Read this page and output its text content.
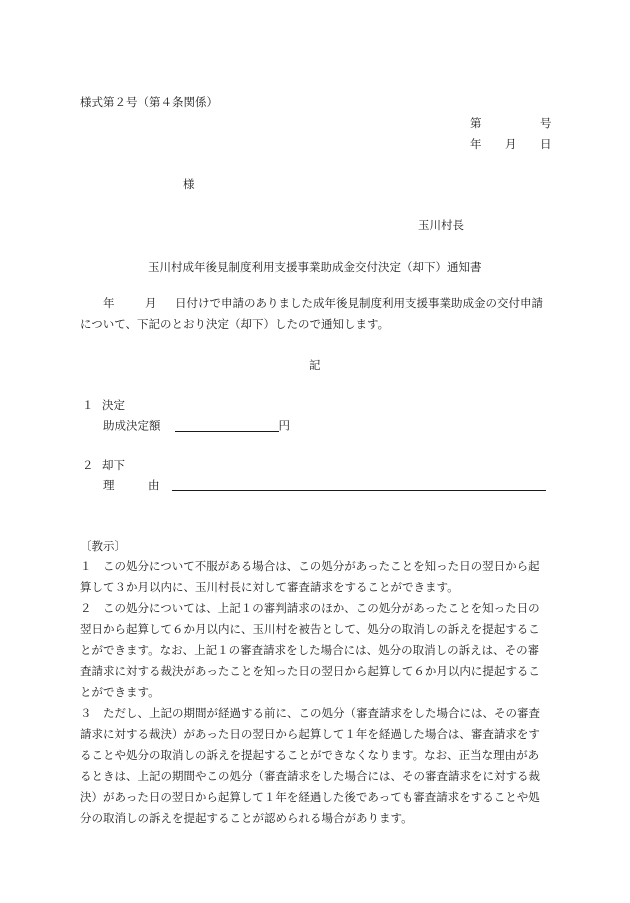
様式第２号（第４条関係）
第	号
年 月 日
様
玉川村長
玉川村成年後見制度利用支援事業助成金交付決定（却下）通知書
年	月 日付けで申請のありました成年後見制度利用支援事業助成金の交付申請
について、下記のとおり決定（却下）したので通知します。
記
１ 決定
助成決定額	円
２ 却下
理	由
〔教示〕
１　この処分について不服がある場合は、この処分があったことを知った日の翌日から起
算して３か月以内に、玉川村長に対して審査請求をすることができます。
２　この処分については、上記１の審判請求のほか、この処分があったことを知った日の
翌日から起算して６か月以内に、玉川村を被告として、処分の取消しの訴えを提起するこ
とができます。なお、上記１の審査請求をした場合には、処分の取消しの訴えは、その審
査請求に対する裁決があったことを知った日の翌日から起算して６か月以内に提起するこ
とができます。
３　ただし、上記の期間が経過する前に、この処分（審査請求をした場合には、その審査
請求に対する裁決）があった日の翌日から起算して１年を経過した場合は、審査請求をす
ることや処分の取消しの訴えを提起することができなくなります。なお、正当な理由があ
るときは、上記の期間やこの処分（審査請求をした場合には、その審査請求をに対する裁
決）があった日の翌日から起算して１年を経過した後であっても審査請求をすることや処
分の取消しの訴えを提起することが認められる場合があります。
